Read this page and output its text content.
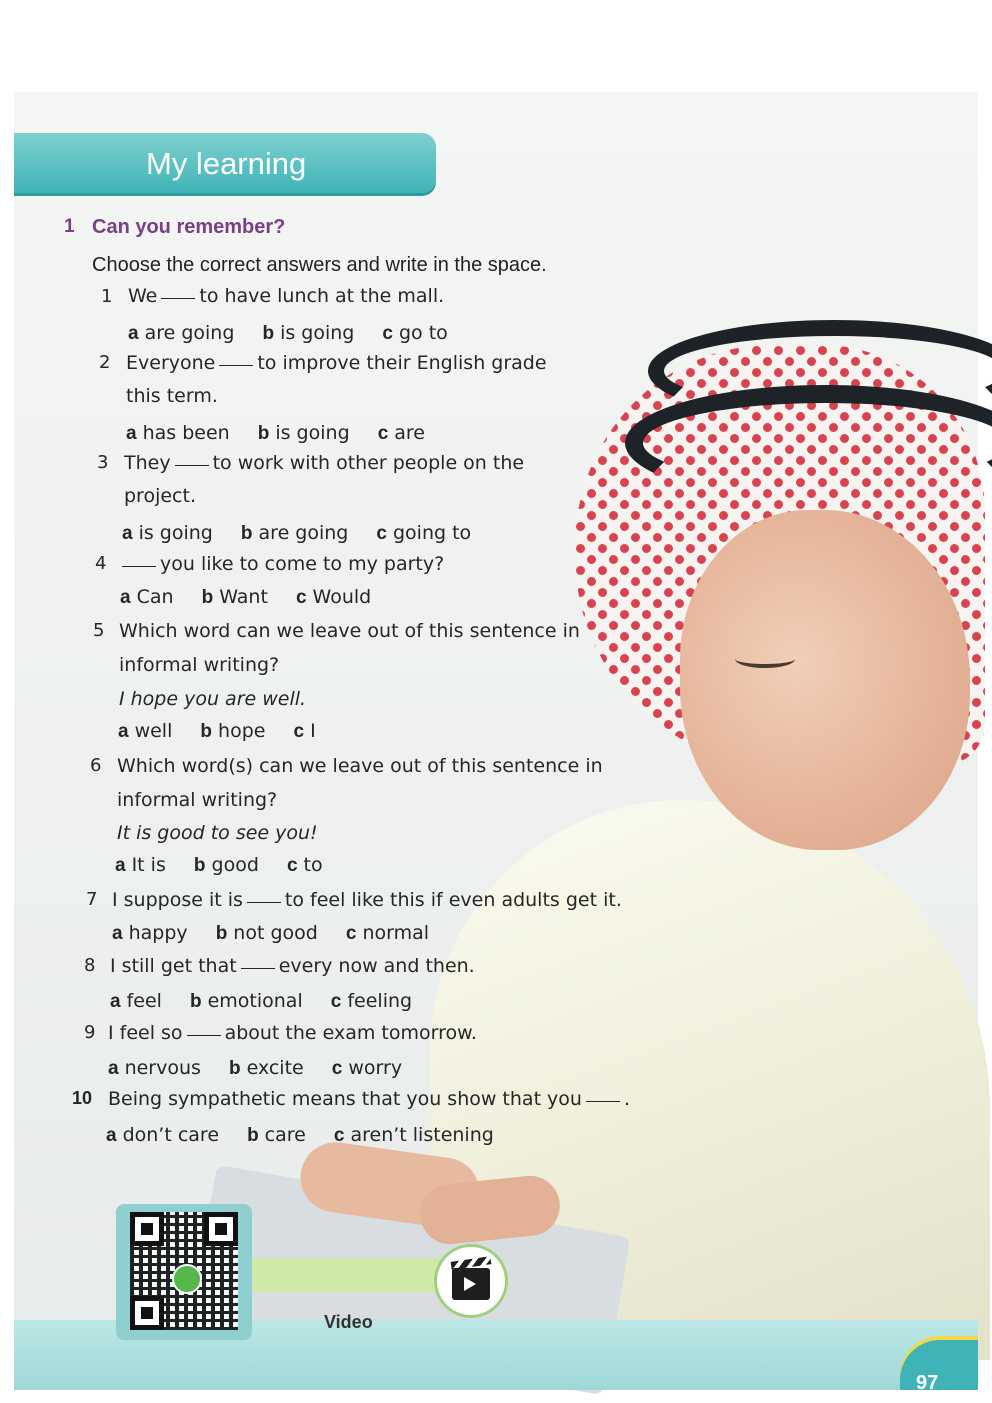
My learning
1 Can you remember?
Choose the correct answers and write in the space.
1 We to have lunch at the mall.
a are going b is going c go to
2 Everyone to improve their English grade
this term.
a has been b is going c are
3 They to work with other people on the
project.
a is going b are going c going to
4	you like to come to my party?
a Can b Want c Would
5 Which word can we leave out of this sentence in
informal writing?
I hope you are well.
a well b hope c I
6 Which word(s) can we leave out of this sentence in
informal writing?
It is good to see you!
a It is b good c to
7 I suppose it is to feel like this if even adults get it.
a happy b not good c normal
8 I still get that every now and then.
a feel b emotional c feeling
9 I feel so about the exam tomorrow.
a nervous b excite c worry
10 Being sympathetic means that you show that you .
a don’t care b care c aren’t listening
Video
97
